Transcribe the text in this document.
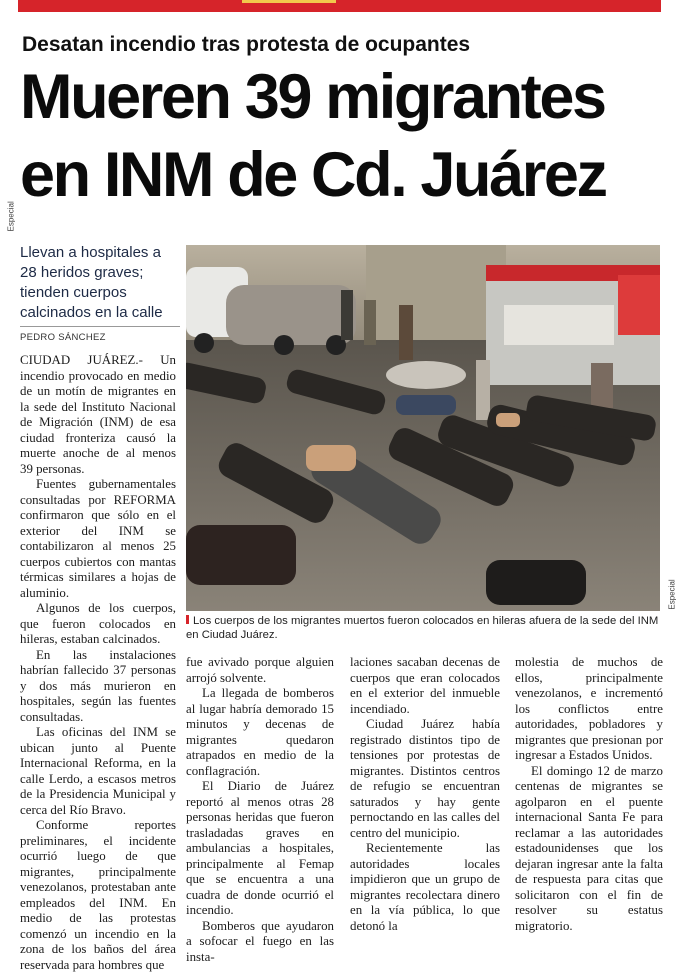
Desatan incendio tras protesta de ocupantes
Mueren 39 migrantes
en INM de Cd. Juárez
Especial
Llevan a hospitales a 28 heridos graves; tienden cuerpos calcinados en la calle
PEDRO SÁNCHEZ
Especial
Los cuerpos de los migrantes muertos fueron colocados en hileras afuera de la sede del INM en Ciudad Juárez.

CIUDAD JUÁREZ.- Un incendio provocado en medio de un motín de migrantes en la sede del Instituto Nacional de Migración (INM) de esa ciudad fronteriza causó la muerte anoche de al menos 39 personas.

Fuentes gubernamentales consultadas por REFORMA confirmaron que sólo en el exterior del INM se contabilizaron al menos 25 cuerpos cubiertos con mantas térmicas similares a hojas de aluminio.

Algunos de los cuerpos, que fueron colocados en hileras, estaban calcinados.

En las instalaciones habrían fallecido 37 personas y dos más murieron en hospitales, según las fuentes consultadas.

Las oficinas del INM se ubican junto al Puente Internacional Reforma, en la calle Lerdo, a escasos metros de la Presidencia Municipal y cerca del Río Bravo.

Conforme reportes preliminares, el incidente ocurrió luego de que migrantes, principalmente venezolanos, protestaban ante empleados del INM. En medio de las protestas comenzó un incendio en la zona de los baños del área reservada para hombres que

fue avivado porque alguien arrojó solvente.

La llegada de bomberos al lugar habría demorado 15 minutos y decenas de migrantes quedaron atrapados en medio de la conflagración.

El Diario de Juárez reportó al menos otras 28 personas heridas que fueron trasladadas graves en ambulancias a hospitales, principalmente al Femap que se encuentra a una cuadra de donde ocurrió el incendio.

Bomberos que ayudaron a sofocar el fuego en las insta-

laciones sacaban decenas de cuerpos que eran colocados en el exterior del inmueble incendiado.

Ciudad Juárez había registrado distintos tipo de tensiones por protestas de migrantes. Distintos centros de refugio se encuentran saturados y hay gente pernoctando en las calles del centro del municipio.

Recientemente las autoridades locales impidieron que un grupo de migrantes recolectara dinero en la vía pública, lo que detonó la

molestia de muchos de ellos, principalmente venezolanos, e incrementó los conflictos entre autoridades, pobladores y migrantes que presionan por ingresar a Estados Unidos.

El domingo 12 de marzo centenas de migrantes se agolparon en el puente internacional Santa Fe para reclamar a las autoridades estadounidenses que los dejaran ingresar ante la falta de respuesta para citas que solicitaron con el fin de resolver su estatus migratorio.
